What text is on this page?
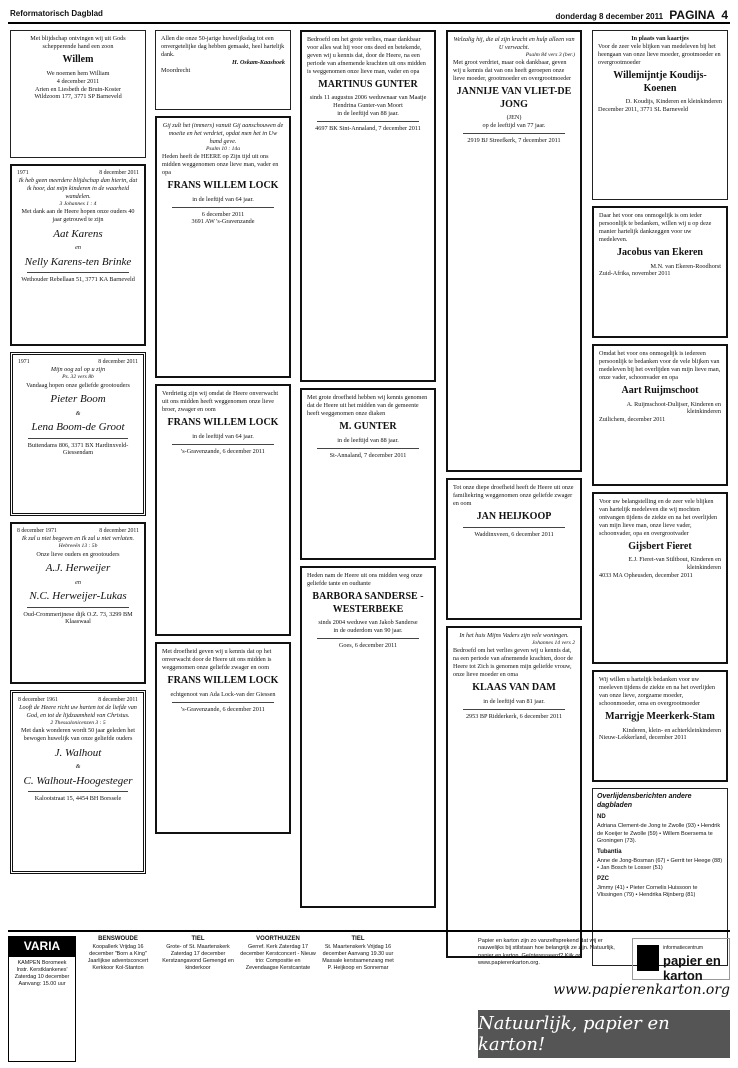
Reformatorisch Dagblad	donderdag 8 december 2011 PAGINA 4
Met blijdschap ontvingen wij uit Gods schepperende hand een zoon
Willem
We noemen hem William
4 december 2011
Arien en Liesbeth de Bruin-Koster
Wildzoom 177, 3771 SP Barneveld
1971	8 december 2011
Ik heb geen meerdere blijdschap dan hierin, dat ik hoor, dat mijn kinderen in de waarheid wandelen.
3 Johannes 1 : 4
Met dank aan de Heere hopen onze ouders 40 jaar getrouwd te zijn
Aat Karens
en
Nelly Karens-ten Brinke
Wethouder Rebellaan 51, 3771 KA Barneveld
1971	8 december 2011
Mijn oog zal op u zijn
Ps. 32 vers 8b
Vandaag hopen onze geliefde grootouders
Pieter Boom
&
Lena Boom-de Groot
Buitendams 806, 3371 BX Hardinxveld-Giessendam
8 december 1971	8 december 2011
Ik zal u niet begeven en Ik zal u niet verlaten.
Hebreeën 13 : 5b
Onze lieve ouders en grootouders
A.J. Herweijer
en
N.C. Herweijer-Lukas
Oud-Crommerijnese dijk O.Z. 73, 3299 BM Klaaswaal
8 december 1961	8 december 2011
Looft de Heere richt uw harten tot de liefde van God, en tot de lijdzaamheid van Christus.
2 Thessalonicenzen 3 : 5
Met dank wonderen wordt 50 jaar geleden het bewogen huwelijk van onze geliefde ouders
J. Walhout
&
C. Walhout-Hoogesteger
Kalootstraat 15, 4454 BH Borssele
Allen die onze 50-jarige huwelijksdag tot een onvergetelijke dag hebben gemaakt, heel hartelijk dank.
H. Oskam-Kaashoek
Moordrecht
Gij zult het (immers) vanuit Gij aanschouwen de moeite en het verdriet, opdat men het in Uw hand geve.
Psalm 10 : 14a
Heden heeft de HEERE op Zijn tijd uit ons midden weggenomen onze lieve man, vader en opa
FRANS WILLEM LOCK
in de leeftijd van 64 jaar.
6 december 2011
3691 AW 's-Gravenzande
Verdrietig zijn wij omdat de Heere onverwacht uit ons midden heeft weggenomen onze lieve broer, zwager en oom
FRANS WILLEM LOCK
in de leeftijd van 64 jaar.
's-Gravenzande, 6 december 2011
Met droefheid geven wij u kennis dat op het onverwacht door de Heere uit ons midden is weggenomen onze geliefde zwager en oom
FRANS WILLEM LOCK
echtgenoot van Ada Lock-van der Giessen
's-Gravenzande, 6 december 2011
Bedroefd om het grote verlies, maar dankbaar voor alles wat hij voor ons deed en betekende, geven wij u kennis dat, door de Heere, na een periode van afnemende krachten uit ons midden is weggenomen onze lieve man, vader en opa
MARTINUS GUNTER
sinds 11 augustus 2006 weduwnaar van Maatje Hendrina Gunter-van Moort
in de leeftijd van 88 jaar.
4697 BK Sint-Annaland, 7 december 2011
Met grote droefheid hebben wij kennis genomen dat de Heere uit het midden van de gemeente heeft weggenomen onze diaken
M. GUNTER
in de leeftijd van 88 jaar.
St-Annaland, 7 december 2011
Heden nam de Heere uit ons midden weg onze geliefde tante en oudtante
BARBORA SANDERSE - WESTERBEKE
sinds 2004 weduwe van Jakob Sanderse
in de ouderdom van 90 jaar.
Goes, 6 december 2011
Welzalig hij, die al zijn kracht en hulp alleen van U verwacht.
Psalm 84 vers 3 (ber.)
Met groot verdriet, maar ook dankbaar, geven wij u kennis dat van ons heeft geroepen onze lieve moeder, grootmoeder en overgrootmoeder
JANNIJE VAN VLIET-DE JONG
(JEN)
op de leeftijd van 77 jaar.
2919 BJ Streefkerk, 7 december 2011
Tot onze diepe droefheid heeft de Heere uit onze familiekring weggenomen onze geliefde zwager en oom
JAN HEIJKOOP
Waddinxveen, 6 december 2011
In het huis Mijns Vaders zijn vele woningen.
Johannes 14 vers 2
Bedroefd om het verlies geven wij u kennis dat, na een periode van afnemende krachten, door de Heere tot Zich is genomen mijn geliefde vrouw, onze lieve moeder en oma
KLAAS VAN DAM
in de leeftijd van 81 jaar.
2953 BP Ridderkerk, 6 december 2011
In plaats van kaartjes
Voor de zeer vele blijken van medeleven bij het heengaan van onze lieve moeder, grootmoeder en overgrootmoeder
Willemijntje Koudijs-Koenen
D. Koudijs, Kinderen en kleinkinderen
December 2011, 3771 SL Barneveld
Daar het voor ons onmogelijk is om ieder persoonlijk te bedanken, willen wij u op deze manier hartelijk dankzeggen voor uw medeleven.
Jacobus van Ekeren
M.N. van Ekeren-Roodhorst
Zuid-Afrika, november 2011
Omdat het voor ons onmogelijk is iedereen persoonlijk te bedanken voor de vele blijken van medeleven bij het overlijden van mijn lieve man, onze vader, schoonvader en opa
Aart Ruijmschoot
A. Ruijmschoot-Dulijser, Kinderen en kleinkinderen
Zuilichem, december 2011
Voor uw belangstelling en de zeer vele blijken van hartelijk medeleven die wij mochten ontvangen tijdens de ziekte en na het overlijden van mijn lieve man, onze lieve vader, schoonvader, opa en overgrootvader
Gijsbert Fieret
E.J. Fieret-van Stiltbout, Kinderen en kleinkinderen
4033 MA Opheusden, december 2011
Wij willen u hartelijk bedanken voor uw meeleven tijdens de ziekte en na het overlijden van onze lieve, zorgzame moeder, schoonmoeder, oma en overgrootmoeder
Marrigje Meerkerk-Stam
Kinderen, klein- en achterkleinkinderen
Nieuw-Lekkerland, december 2011
Overlijdensberichten andere dagbladen
ND
Adriana Clement-de Jong te Zwolle (93) • Hendrik de Koeijer te Zwolle (59) • Willem Boersema te Groningen (73).
Tubantia
Anne de Jong-Bosman (67) • Gerrit ter Heege (88) • Jan Bosch te Losser (51)
PZC
Jimmy (41) • Pieter Cornelis Huissoon te Vlissingen (79) • Hendrika Rijnberg (81)
VARIA
KAMPEN Boromeek Instr. Kerstklankenes' Zaterdag 10 december Aanvang: 15.00 uur
BENSWOUDE
Koopallerk Vrijdag 16 december "Born a King" Jaarlijkse adventsconcert Kerkkoor Kol-Stanton
TIEL
Grote- of St. Maartenskerk Zaterdag 17 december Kerstzangavond Gemengd en kinderkoor
VOORTHUIZEN
Gerref. Kerk Zaterdag 17 december Kerstconcert - Nieuw trio: Compositie en Zevendaagse Kerstcantate
TIEL
St. Maartenskerk Vrijdag 16 december Aanvang 19.30 uur Massale kerstsamenzang met P. Heijkoop en Sonnemar
Papier en karton zijn zo vanzelfsprekend dat wij er nauwelijks bij stilstaan hoe belangrijk ze zijn. Natuurlijk, papier en karton. Geïnteresseerd? Kijk op www.papierenkarton.org.
informatiecentrum
papier en karton
www.papierenkarton.org
Natuurlijk, papier en karton!
